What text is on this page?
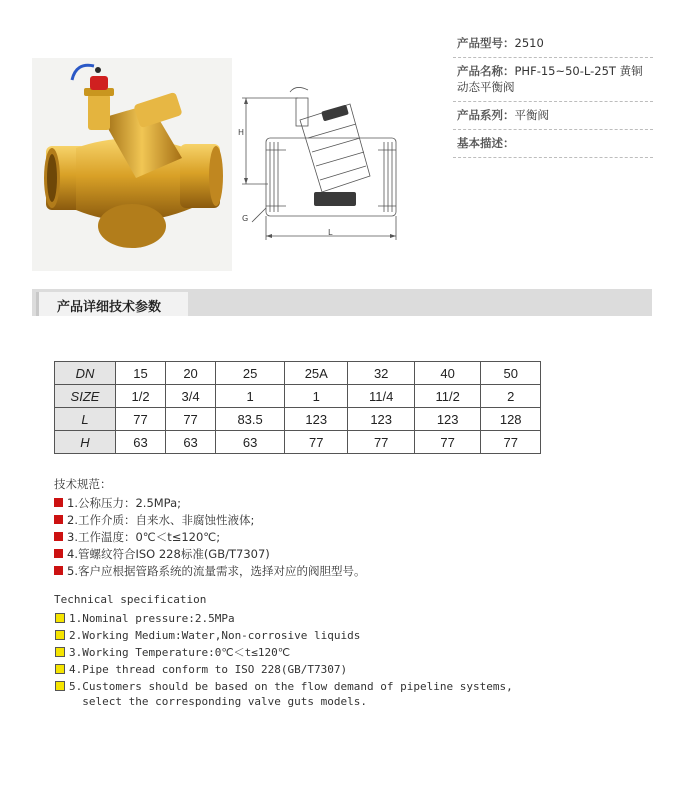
H
G
L
产品型号：2510
产品名称：PHF-15~50-L-25T 黄铜动态平衡阀
产品系列：平衡阀
基本描述：
产品详细技术参数
DN	15	20	25	25A	32	40	50
SIZE	1/2	3/4	1	1	11/4	11/2	2
L	77	77	83.5	123	123	123	128
H	63	63	63	77	77	77	77
技术规范：
1.公称压力：2.5MPa;
2.工作介质：自来水、非腐蚀性液体;
3.工作温度：0℃＜t≤120℃;
4.管螺纹符合ISO 228标准(GB/T7307)
5.客户应根据管路系统的流量需求，选择对应的阀胆型号。
Technical specification
1.Nominal pressure:2.5MPa
2.Working Medium:Water,Non-corrosive liquids
3.Working Temperature:0℃＜t≤120℃
4.Pipe thread conform to ISO 228(GB/T7307)
5.Customers should be based on the flow demand of pipeline systems,
select the corresponding valve guts models.
